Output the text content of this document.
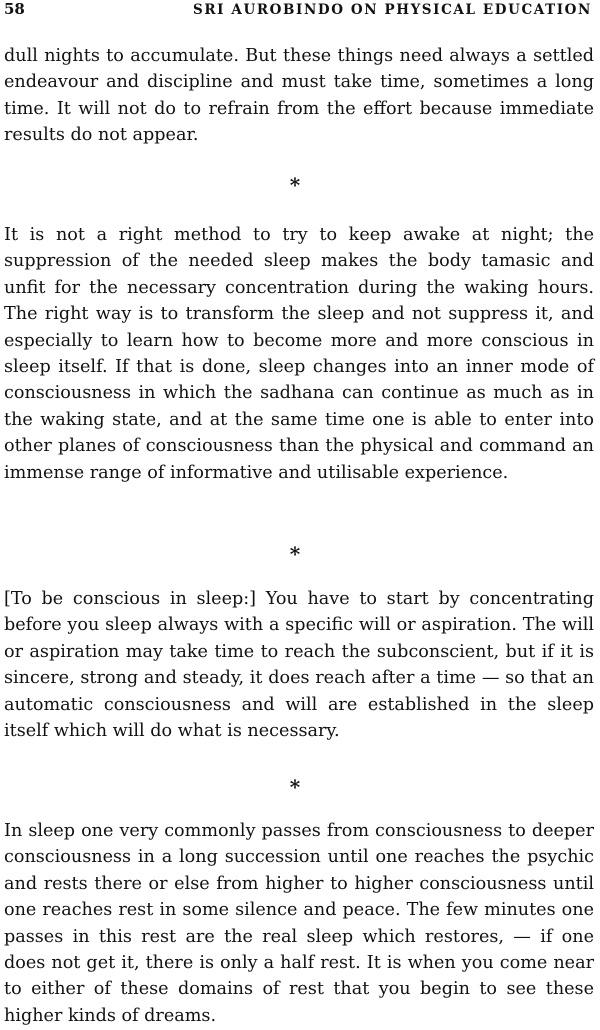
58	SRI AUROBINDO ON PHYSICAL EDUCATION

dull nights to accumulate. But these things need always a settled endeavour and discipline and must take time, sometimes a long time. It will not do to refrain from the effort because immediate results do not appear.

*

It is not a right method to try to keep awake at night; the suppression of the needed sleep makes the body tamasic and unfit for the necessary concentration during the waking hours. The right way is to transform the sleep and not suppress it, and especially to learn how to become more and more conscious in sleep itself. If that is done, sleep changes into an inner mode of consciousness in which the sadhana can continue as much as in the waking state, and at the same time one is able to enter into other planes of consciousness than the physical and command an immense range of informative and utilisable experience.

*

[To be conscious in sleep:] You have to start by concentrating before you sleep always with a specific will or aspiration. The will or aspiration may take time to reach the subconscient, but if it is sincere, strong and steady, it does reach after a time — so that an automatic consciousness and will are established in the sleep itself which will do what is necessary.

*

In sleep one very commonly passes from consciousness to deeper consciousness in a long succession until one reaches the psychic and rests there or else from higher to higher consciousness until one reaches rest in some silence and peace. The few minutes one passes in this rest are the real sleep which restores, — if one does not get it, there is only a half rest. It is when you come near to either of these domains of rest that you begin to see these higher kinds of dreams.
